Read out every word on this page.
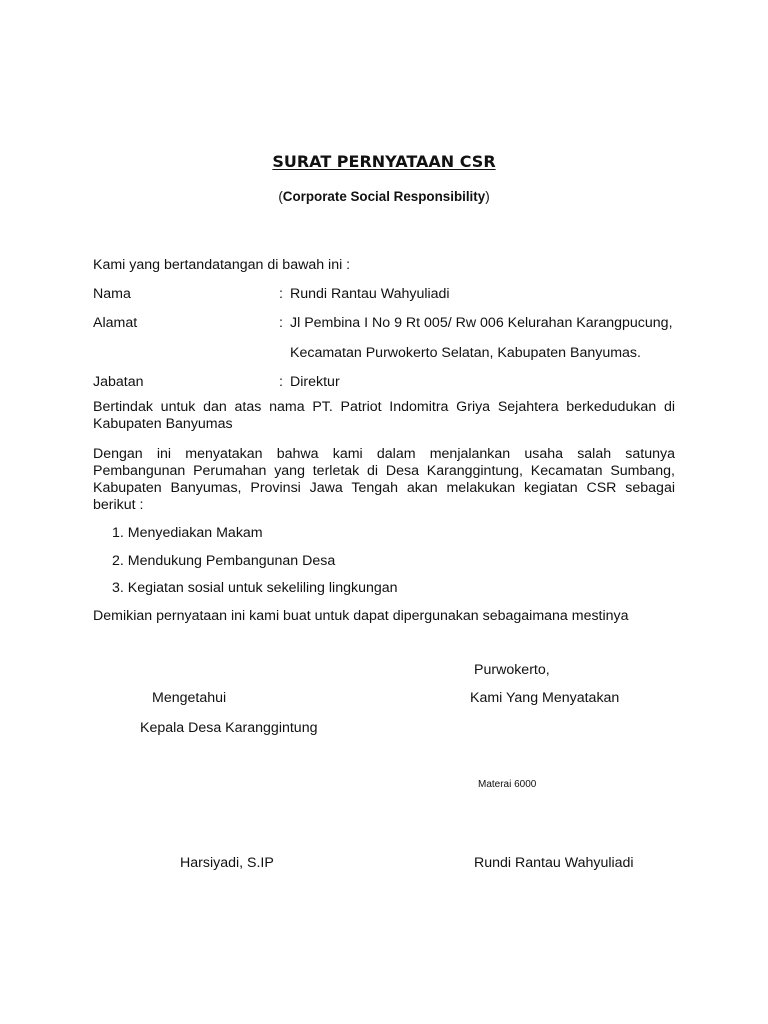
SURAT PERNYATAAN CSR
(Corporate Social Responsibility)
Kami yang bertandatangan di bawah ini :
Nama	: Rundi Rantau Wahyuliadi
Alamat	: Jl Pembina I No 9 Rt 005/ Rw 006 Kelurahan Karangpucung,
Kecamatan Purwokerto Selatan, Kabupaten Banyumas.
Jabatan	: Direktur
Bertindak untuk dan atas nama PT. Patriot Indomitra Griya Sejahtera berkedudukan di Kabupaten Banyumas
Dengan ini menyatakan bahwa kami dalam menjalankan usaha salah satunya Pembangunan Perumahan yang terletak di Desa Karanggintung, Kecamatan Sumbang, Kabupaten Banyumas, Provinsi Jawa Tengah akan melakukan kegiatan CSR sebagai berikut :
1. Menyediakan Makam
2. Mendukung Pembangunan Desa
3. Kegiatan sosial untuk sekeliling lingkungan
Demikian pernyataan ini kami buat untuk dapat dipergunakan sebagaimana mestinya
Purwokerto,
Mengetahui	Kami Yang Menyatakan
Kepala Desa Karanggintung
Materai 6000
Harsiyadi, S.IP	Rundi Rantau Wahyuliadi
